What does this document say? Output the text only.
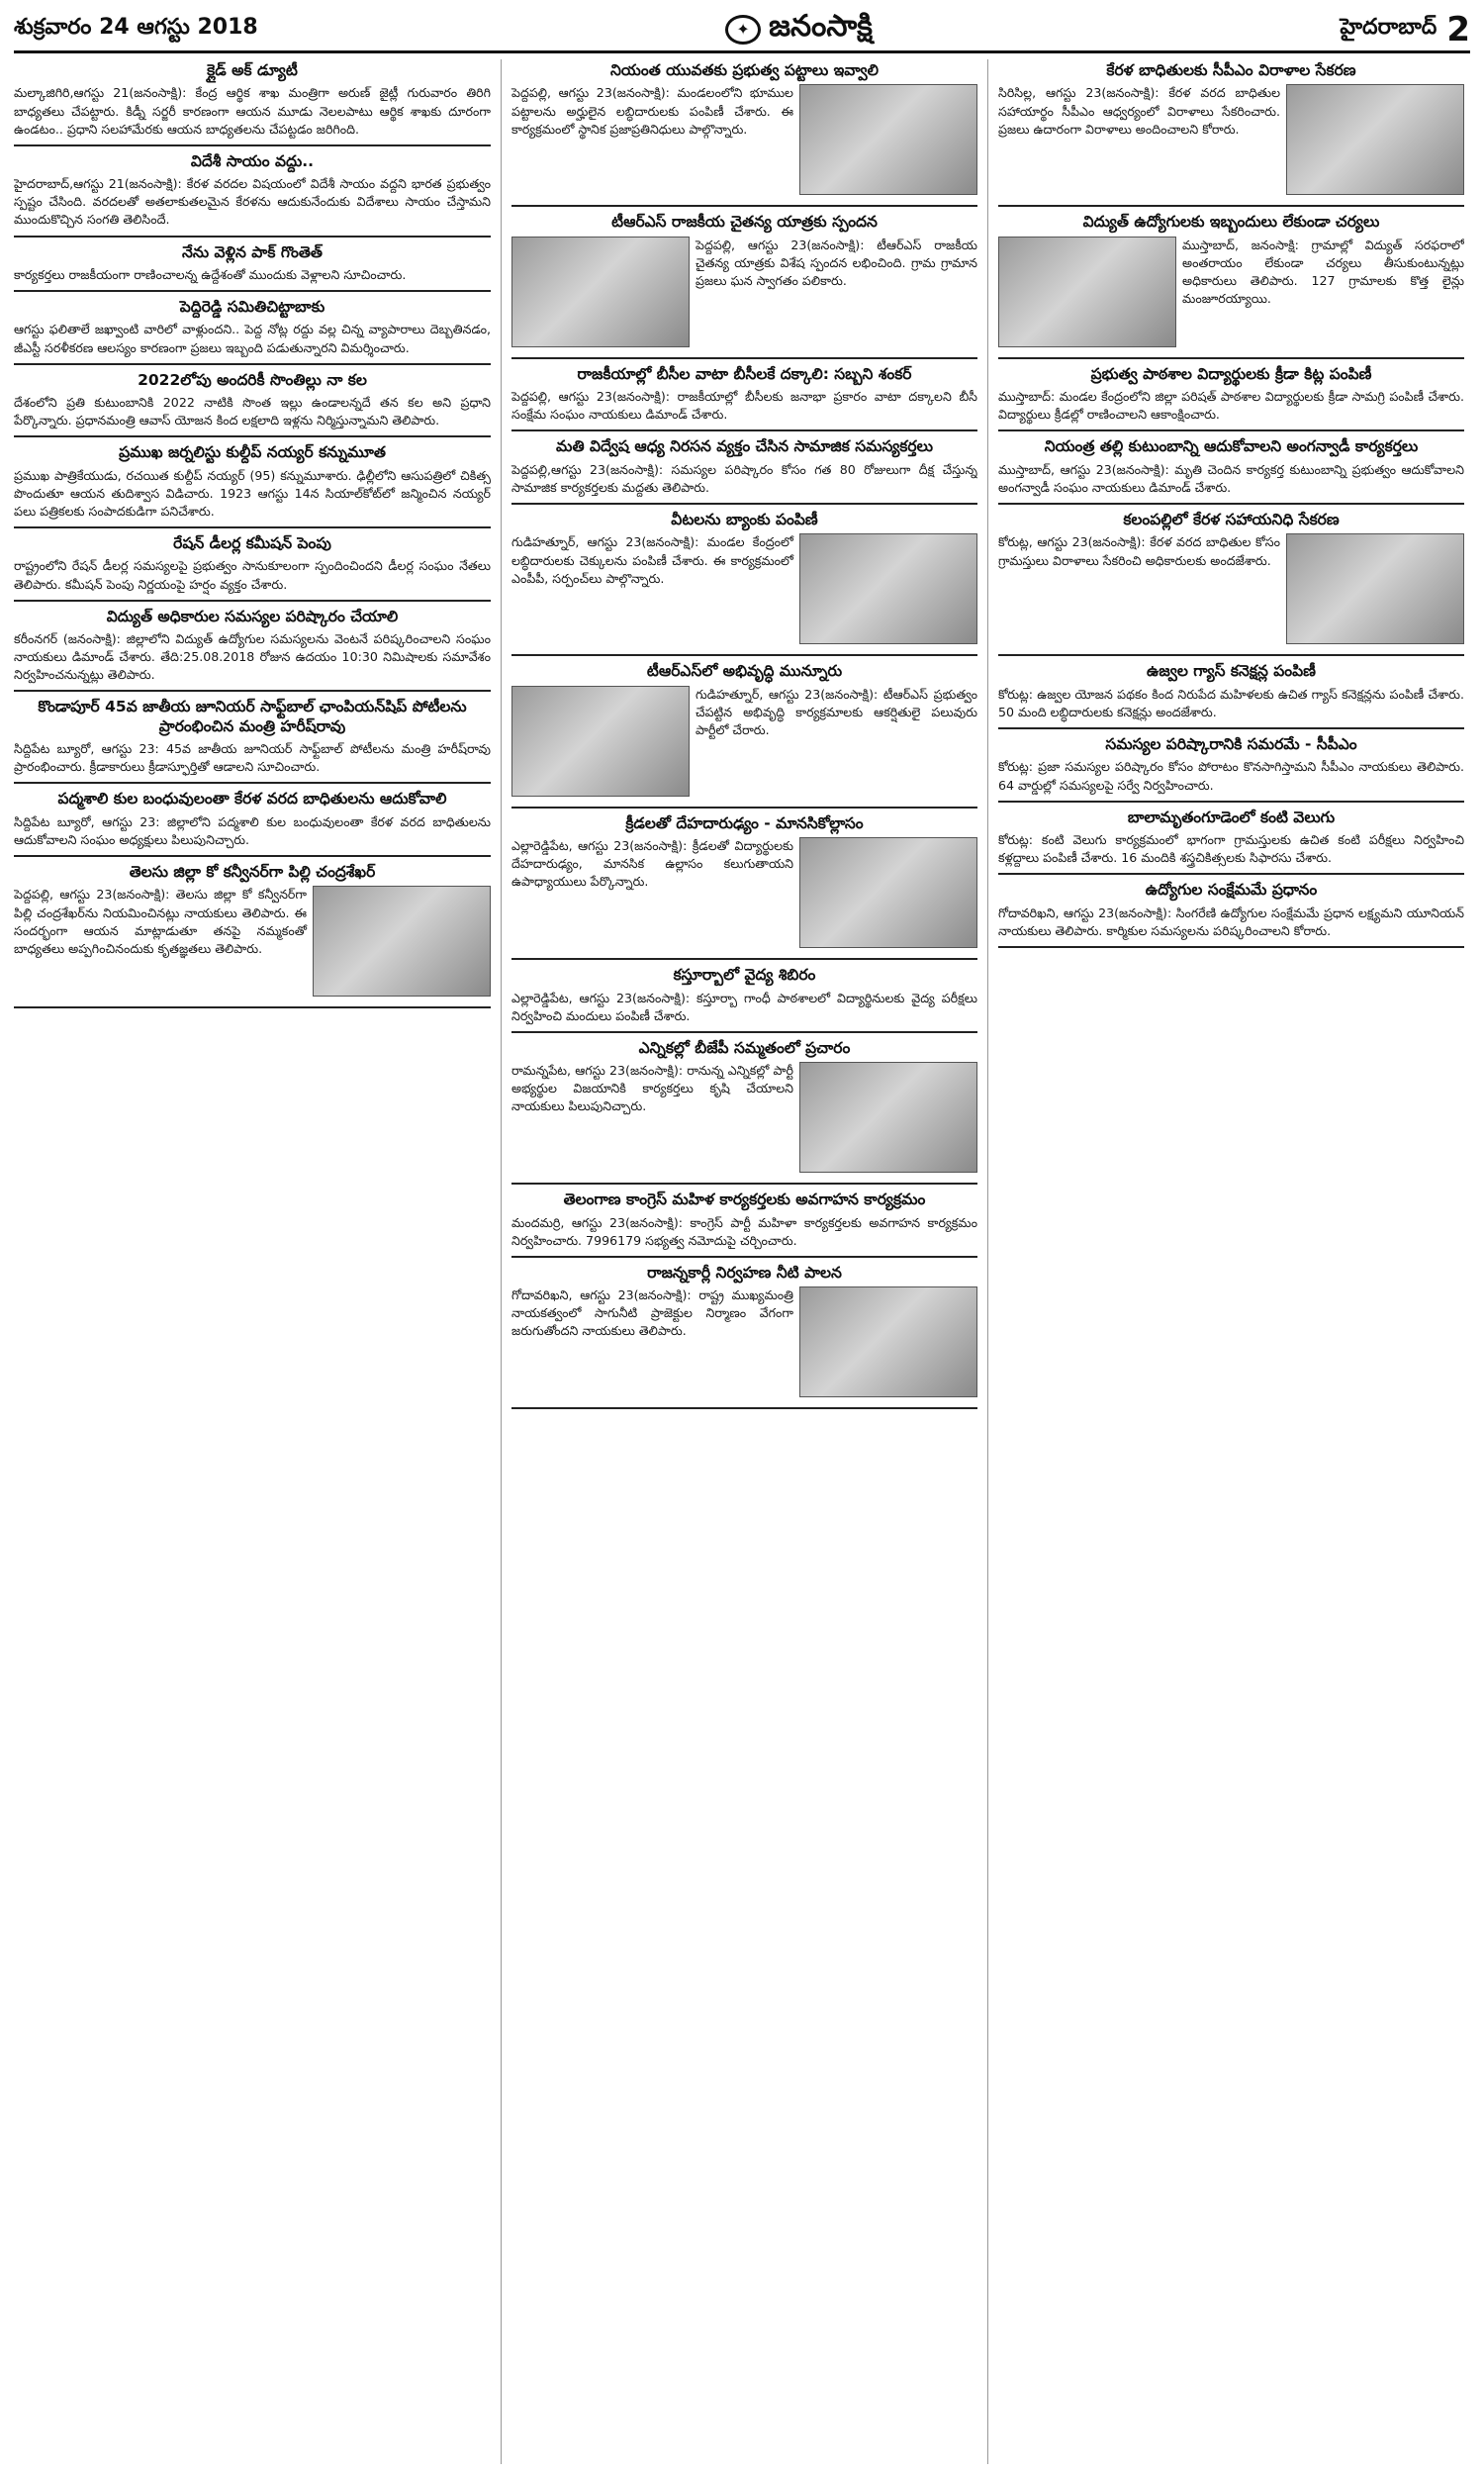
శుక్రవారం 24 ఆగస్టు 2018	✦ జనంసాక్షి	హైదరాబాద్ 2
క్లైడ్ అక్ డ్యూటీ
మల్కాజిగిరి,ఆగస్టు 21(జనంసాక్షి): కేంద్ర ఆర్థిక శాఖ మంత్రిగా అరుణ్ జైట్లీ గురువారం తిరిగి బాధ్యతలు చేపట్టారు. కిడ్నీ సర్జరీ కారణంగా ఆయన మూడు నెలలపాటు ఆర్థిక శాఖకు దూరంగా ఉండటం.. ప్రధాని సలహామేరకు ఆయన బాధ్యతలను చేపట్టడం జరిగింది.
విదేశీ సాయం వద్దు..
హైదరాబాద్,ఆగస్టు 21(జనంసాక్షి): కేరళ వరదల విషయంలో విదేశీ సాయం వద్దని భారత ప్రభుత్వం స్పష్టం చేసింది. వరదలతో అతలాకుతలమైన కేరళను ఆదుకునేందుకు విదేశాలు సాయం చేస్తామని ముందుకొచ్చిన సంగతి తెలిసిందే.
నేను వెళ్లిన పాక్‌ గొంతెత్
కార్యకర్తలు రాజకీయంగా రాణించాలన్న ఉద్దేశంతో ముందుకు వెళ్లాలని సూచించారు.
పెద్దిరెడ్డి సమితిచిట్టాబాకు
ఆగస్టు ఫలితాలే జఖ్వాంటి వారిలో వాళ్లుందని.. పెద్ద నోట్ల రద్దు వల్ల చిన్న వ్యాపారాలు దెబ్బతినడం, జీఎస్టీ సరళీకరణ ఆలస్యం కారణంగా ప్రజలు ఇబ్బంది పడుతున్నారని విమర్శించారు.
2022లోపు అందరికీ సొంతిల్లు నా కల
దేశంలోని ప్రతి కుటుంబానికి 2022 నాటికి సొంత ఇల్లు ఉండాలన్నదే తన కల అని ప్రధాని పేర్కొన్నారు. ప్రధానమంత్రి ఆవాస్ యోజన కింద లక్షలాది ఇళ్లను నిర్మిస్తున్నామని తెలిపారు.
ప్రముఖ జర్నలిస్టు కుల్దీప్ నయ్యర్ కన్నుమూత
ప్రముఖ పాత్రికేయుడు, రచయిత కుల్దీప్ నయ్యర్ (95) కన్నుమూశారు. ఢిల్లీలోని ఆసుపత్రిలో చికిత్స పొందుతూ ఆయన తుదిశ్వాస విడిచారు. 1923 ఆగస్టు 14న సియాల్‌కోట్‌లో జన్మించిన నయ్యర్ పలు పత్రికలకు సంపాదకుడిగా పనిచేశారు.
రేషన్ డీలర్ల కమీషన్ పెంపు
రాష్ట్రంలోని రేషన్ డీలర్ల సమస్యలపై ప్రభుత్వం సానుకూలంగా స్పందించిందని డీలర్ల సంఘం నేతలు తెలిపారు. కమీషన్ పెంపు నిర్ణయంపై హర్షం వ్యక్తం చేశారు.
విద్యుత్ అధికారుల సమస్యల పరిష్కారం చేయాలి
కరీంనగర్ (జనంసాక్షి): జిల్లాలోని విద్యుత్ ఉద్యోగుల సమస్యలను వెంటనే పరిష్కరించాలని సంఘం నాయకులు డిమాండ్ చేశారు. తేది:25.08.2018 రోజున ఉదయం 10:30 నిమిషాలకు సమావేశం నిర్వహించనున్నట్లు తెలిపారు.
కొండాపూర్ 45వ జాతీయ జూనియర్ సాఫ్ట్‌బాల్ ఛాంపియన్‌షిప్ పోటీలను ప్రారంభించిన మంత్రి హరీష్‌రావు
సిద్దిపేట బ్యూరో, ఆగస్టు 23: 45వ జాతీయ జూనియర్ సాఫ్ట్‌బాల్ పోటీలను మంత్రి హరీష్‌రావు ప్రారంభించారు. క్రీడాకారులు క్రీడాస్ఫూర్తితో ఆడాలని సూచించారు.
పద్మశాలి కుల బంధువులంతా కేరళ వరద బాధితులను ఆదుకోవాలి
సిద్దిపేట బ్యూరో, ఆగస్టు 23: జిల్లాలోని పద్మశాలి కుల బంధువులంతా కేరళ వరద బాధితులను ఆదుకోవాలని సంఘం అధ్యక్షులు పిలుపునిచ్చారు.
తెలసు జిల్లా కో కన్వీనర్‌గా పిల్లి చంద్రశేఖర్
పెద్దపల్లి, ఆగస్టు 23(జనంసాక్షి): తెలసు జిల్లా కో కన్వీనర్‌గా పిల్లి చంద్రశేఖర్‌ను నియమించినట్లు నాయకులు తెలిపారు. ఈ సందర్భంగా ఆయన మాట్లాడుతూ తనపై నమ్మకంతో బాధ్యతలు అప్పగించినందుకు కృతజ్ఞతలు తెలిపారు.
నియంత యువతకు ప్రభుత్వ పట్టాలు ఇవ్వాలి
పెద్దపల్లి, ఆగస్టు 23(జనంసాక్షి): మండలంలోని భూముల పట్టాలను అర్హులైన లబ్ధిదారులకు పంపిణీ చేశారు. ఈ కార్యక్రమంలో స్థానిక ప్రజాప్రతినిధులు పాల్గొన్నారు.
టీఆర్ఎస్ రాజకీయ చైతన్య యాత్రకు స్పందన
పెద్దపల్లి, ఆగస్టు 23(జనంసాక్షి): టీఆర్ఎస్ రాజకీయ చైతన్య యాత్రకు విశేష స్పందన లభించింది. గ్రామ గ్రామాన ప్రజలు ఘన స్వాగతం పలికారు.
రాజకీయాల్లో బీసీల వాటా బీసీలకే దక్కాలి: సబ్బని శంకర్
పెద్దపల్లి, ఆగస్టు 23(జనంసాక్షి): రాజకీయాల్లో బీసీలకు జనాభా ప్రకారం వాటా దక్కాలని బీసీ సంక్షేమ సంఘం నాయకులు డిమాండ్ చేశారు.
మతి విద్వేష ఆధ్య నిరసన వ్యక్తం చేసిన సామాజిక సమస్యకర్తలు
పెద్దపల్లి,ఆగస్టు 23(జనంసాక్షి): సమస్యల పరిష్కారం కోసం గత 80 రోజులుగా దీక్ష చేస్తున్న సామాజిక కార్యకర్తలకు మద్దతు తెలిపారు.
వీటలను బ్యాంకు పంపిణీ
గుడిహత్నూర్, ఆగస్టు 23(జనంసాక్షి): మండల కేంద్రంలో లబ్ధిదారులకు చెక్కులను పంపిణీ చేశారు. ఈ కార్యక్రమంలో ఎంపీపీ, సర్పంచ్‌లు పాల్గొన్నారు.
టీఆర్ఎస్‌లో అభివృద్ధి మున్నూరు
గుడిహత్నూర్, ఆగస్టు 23(జనంసాక్షి): టీఆర్ఎస్ ప్రభుత్వం చేపట్టిన అభివృద్ధి కార్యక్రమాలకు ఆకర్షితులై పలువురు పార్టీలో చేరారు.
క్రీడలతో దేహదారుఢ్యం - మానసికోల్లాసం
ఎల్లారెడ్డిపేట, ఆగస్టు 23(జనంసాక్షి): క్రీడలతో విద్యార్థులకు దేహదారుఢ్యం, మానసిక ఉల్లాసం కలుగుతాయని ఉపాధ్యాయులు పేర్కొన్నారు.
కస్తూర్బాలో వైద్య శిబిరం
ఎల్లారెడ్డిపేట, ఆగస్టు 23(జనంసాక్షి): కస్తూర్బా గాంధీ పాఠశాలలో విద్యార్థినులకు వైద్య పరీక్షలు నిర్వహించి మందులు పంపిణీ చేశారు.
ఎన్నికల్లో బీజేపీ సమ్మతంలో ప్రచారం
రామన్నపేట, ఆగస్టు 23(జనంసాక్షి): రానున్న ఎన్నికల్లో పార్టీ అభ్యర్థుల విజయానికి కార్యకర్తలు కృషి చేయాలని నాయకులు పిలుపునిచ్చారు.
తెలంగాణ కాంగ్రెస్ మహిళ కార్యకర్తలకు అవగాహన కార్యక్రమం
మందమర్రి, ఆగస్టు 23(జనంసాక్షి): కాంగ్రెస్ పార్టీ మహిళా కార్యకర్తలకు అవగాహన కార్యక్రమం నిర్వహించారు. 7996179 సభ్యత్వ నమోదుపై చర్చించారు.
రాజన్నకార్లీ నిర్వహణ నీటి పాలన
గోదావరిఖని, ఆగస్టు 23(జనంసాక్షి): రాష్ట్ర ముఖ్యమంత్రి నాయకత్వంలో సాగునీటి ప్రాజెక్టుల నిర్మాణం వేగంగా జరుగుతోందని నాయకులు తెలిపారు.
కేరళ బాధితులకు సీపీఎం విరాళాల సేకరణ
సిరిసిల్ల, ఆగస్టు 23(జనంసాక్షి): కేరళ వరద బాధితుల సహాయార్థం సీపీఎం ఆధ్వర్యంలో విరాళాలు సేకరించారు. ప్రజలు ఉదారంగా విరాళాలు అందించాలని కోరారు.
విద్యుత్ ఉద్యోగులకు ఇబ్బందులు లేకుండా చర్యలు
ముస్తాబాద్, జనంసాక్షి: గ్రామాల్లో విద్యుత్ సరఫరాలో అంతరాయం లేకుండా చర్యలు తీసుకుంటున్నట్లు అధికారులు తెలిపారు. 127 గ్రామాలకు కొత్త లైన్లు మంజూరయ్యాయి.
ప్రభుత్వ పాఠశాల విద్యార్థులకు క్రీడా కిట్ల పంపిణీ
ముస్తాబాద్: మండల కేంద్రంలోని జిల్లా పరిషత్ పాఠశాల విద్యార్థులకు క్రీడా సామగ్రి పంపిణీ చేశారు. విద్యార్థులు క్రీడల్లో రాణించాలని ఆకాంక్షించారు.
నియంత్ర తల్లి కుటుంబాన్ని ఆదుకోవాలని అంగన్వాడీ కార్యకర్తలు
ముస్తాబాద్, ఆగస్టు 23(జనంసాక్షి): మృతి చెందిన కార్యకర్త కుటుంబాన్ని ప్రభుత్వం ఆదుకోవాలని అంగన్వాడీ సంఘం నాయకులు డిమాండ్ చేశారు.
కలంపల్లిలో కేరళ సహాయనిధి సేకరణ
కోరుట్ల, ఆగస్టు 23(జనంసాక్షి): కేరళ వరద బాధితుల కోసం గ్రామస్తులు విరాళాలు సేకరించి అధికారులకు అందజేశారు.
ఉజ్వల గ్యాస్ కనెక్షన్ల పంపిణీ
కోరుట్ల: ఉజ్వల యోజన పథకం కింద నిరుపేద మహిళలకు ఉచిత గ్యాస్ కనెక్షన్లను పంపిణీ చేశారు. 50 మంది లబ్ధిదారులకు కనెక్షన్లు అందజేశారు.
సమస్యల పరిష్కారానికి సమరమే - సీపీఎం
కోరుట్ల: ప్రజా సమస్యల పరిష్కారం కోసం పోరాటం కొనసాగిస్తామని సీపీఎం నాయకులు తెలిపారు. 64 వార్డుల్లో సమస్యలపై సర్వే నిర్వహించారు.
బాలామృతంగూడెంలో కంటి వెలుగు
కోరుట్ల: కంటి వెలుగు కార్యక్రమంలో భాగంగా గ్రామస్తులకు ఉచిత కంటి పరీక్షలు నిర్వహించి కళ్లద్దాలు పంపిణీ చేశారు. 16 మందికి శస్త్రచికిత్సలకు సిఫారసు చేశారు.
ఉద్యోగుల సంక్షేమమే ప్రధానం
గోదావరిఖని, ఆగస్టు 23(జనంసాక్షి): సింగరేణి ఉద్యోగుల సంక్షేమమే ప్రధాన లక్ష్యమని యూనియన్ నాయకులు తెలిపారు. కార్మికుల సమస్యలను పరిష్కరించాలని కోరారు.
